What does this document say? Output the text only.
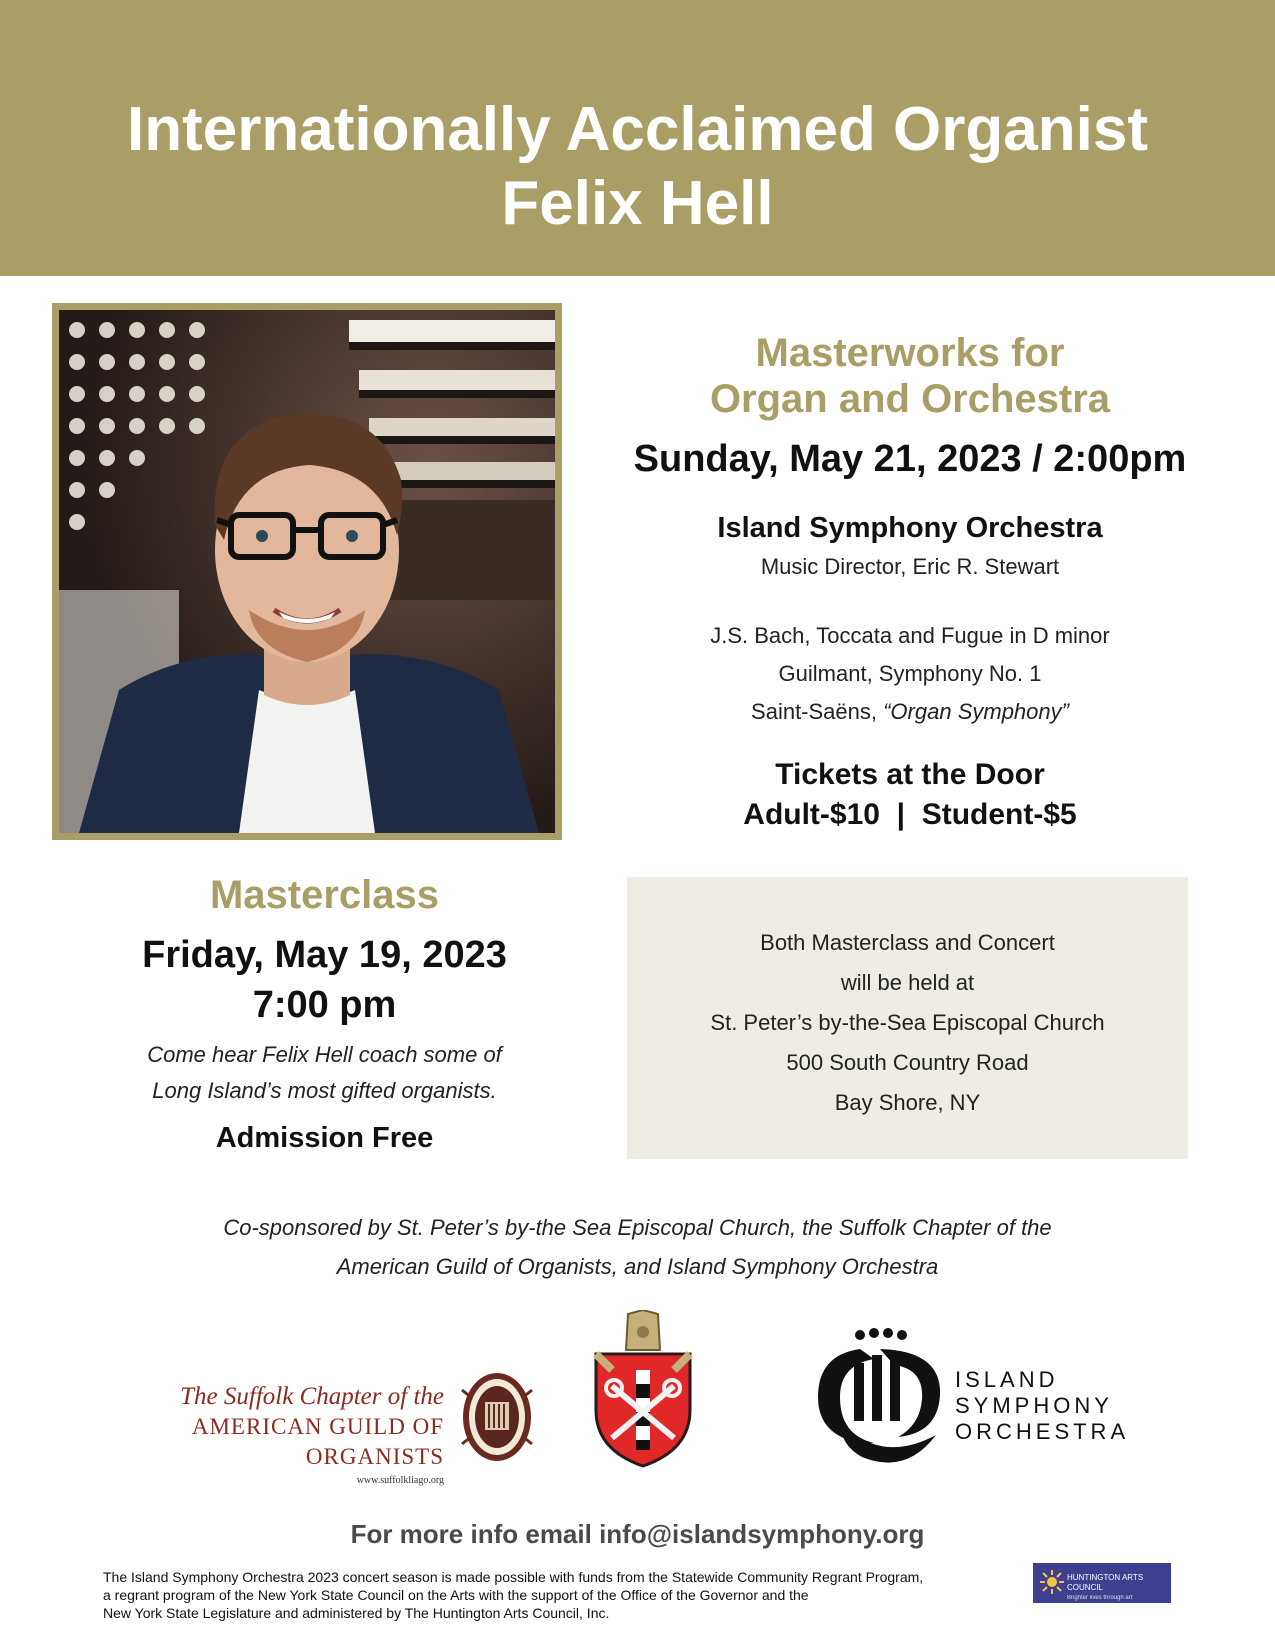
Internationally Acclaimed Organist
Felix Hell
Masterworks for
Organ and Orchestra
Sunday, May 21, 2023 / 2:00pm
Island Symphony Orchestra
Music Director, Eric R. Stewart
J.S. Bach, Toccata and Fugue in D minor
Guilmant, Symphony No. 1
Saint-Saëns, “Organ Symphony”
Tickets at the Door
Adult-$10  |  Student-$5
Masterclass
Friday, May 19, 2023
7:00 pm
Come hear Felix Hell coach some of
Long Island’s most gifted organists.
Admission Free
Both Masterclass and Concert
will be held at
St. Peter’s by-the-Sea Episcopal Church
500 South Country Road
Bay Shore, NY
Co-sponsored by St. Peter’s by-the Sea Episcopal Church, the Suffolk Chapter of the
American Guild of Organists, and Island Symphony Orchestra
The Suffolk Chapter of the
AMERICAN GUILD OF ORGANISTS
www.suffolkliago.org
ISLAND
SYMPHONY
ORCHESTRA
For more info email info@islandsymphony.org
The Island Symphony Orchestra 2023 concert season is made possible with funds from the Statewide Community Regrant Program,
a regrant program of the New York State Council on the Arts with the support of the Office of the Governor and the
New York State Legislature and administered by The Huntington Arts Council, Inc.
HUNTINGTON ARTS COUNCIL
Brighter lives through art
